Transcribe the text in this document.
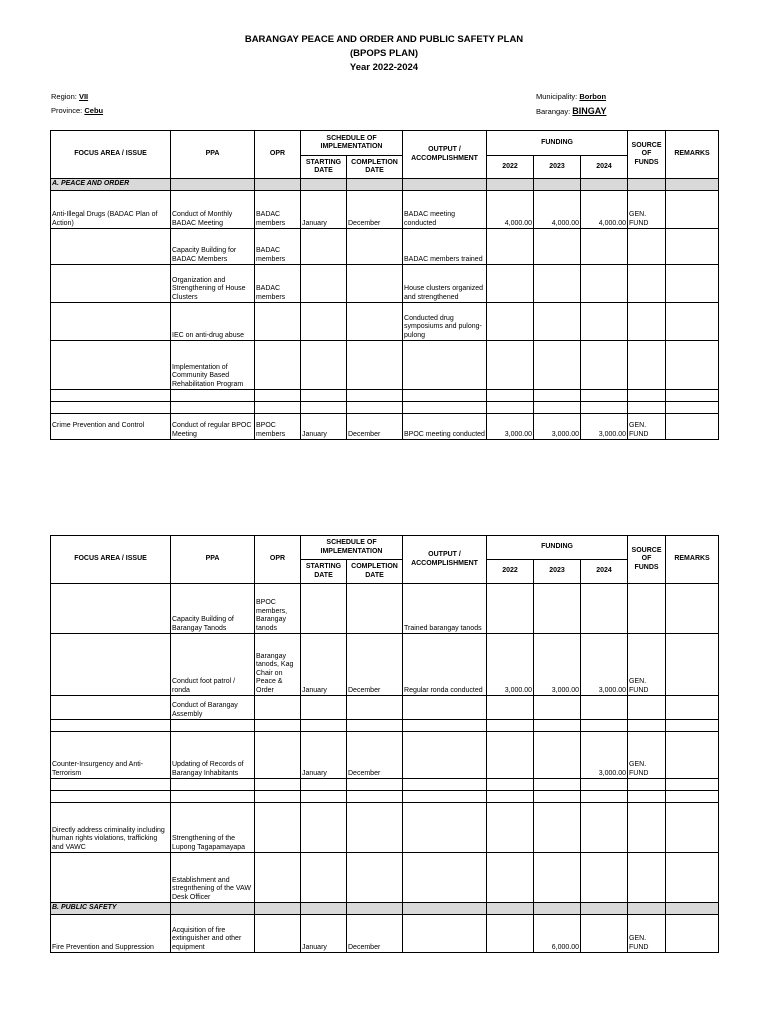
BARANGAY PEACE AND ORDER AND PUBLIC SAFETY PLAN
(BPOPS PLAN)
Year 2022-2024
Region: VII
Province: Cebu
Municipality: Borbon
Barangay: BINGAY
FOCUS AREA / ISSUE	PPA	OPR	SCHEDULE OF IMPLEMENTATION		OUTPUT / ACCOMPLISHMENT	FUNDING			SOURCE OF FUNDS	REMARKS
			STARTING DATE	COMPLETION DATE		2022	2023	2024		
A. PEACE AND ORDER										
Anti-Illegal Drugs (BADAC Plan of Action)	Conduct of Monthly BADAC Meeting	BADAC members	January	December	BADAC meeting conducted	4,000.00	4,000.00	4,000.00	GEN. FUND	
	Capacity Building for BADAC Members	BADAC members			BADAC members trained					
	Organization and Strengthening of House Clusters	BADAC members			House clusters organized and strengthened					
	IEC on anti-drug abuse				Conducted drug symposiums and pulong-pulong					
	Implementation of Community Based Rehabilitation Program									

Crime Prevention and Control	Conduct of regular BPOC Meeting	BPOC members	January	December	BPOC meeting conducted	3,000.00	3,000.00	3,000.00	GEN. FUND	
FOCUS AREA / ISSUE	PPA	OPR	SCHEDULE OF IMPLEMENTATION		OUTPUT / ACCOMPLISHMENT	FUNDING			SOURCE OF FUNDS	REMARKS
			STARTING DATE	COMPLETION DATE		2022	2023	2024		
	Capacity Building of Barangay Tanods	BPOC members, Barangay tanods			Trained barangay tanods					
	Conduct foot patrol / ronda	Barangay tanods, Kag Chair on Peace & Order	January	December	Regular ronda conducted	3,000.00	3,000.00	3,000.00	GEN. FUND	
	Conduct of Barangay Assembly									

Counter-Insurgency and Anti-Terrorism	Updating of Records of Barangay Inhabitants		January	December				3,000.00	GEN. FUND	

Directly address criminality including human rights violations, trafficking and VAWC	Strengthening of the Lupong Tagapamayapa									
	Establishment and stregnthening of the VAW Desk Officer									
B. PUBLIC SAFETY										
Fire Prevention and Suppression	Acquisition of fire extinguisher and other equipment		January	December			6,000.00		GEN. FUND	
